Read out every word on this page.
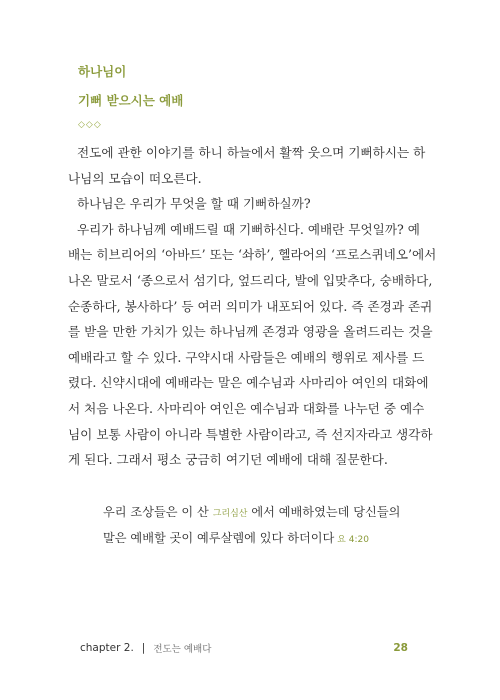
하나님이
기뻐 받으시는 예배
◇◇◇
전도에 관한 이야기를 하니 하늘에서 활짝 웃으며 기뻐하시는 하
나님의 모습이 떠오른다.
하나님은 우리가 무엇을 할 때 기뻐하실까?
우리가 하나님께 예배드릴 때 기뻐하신다. 예배란 무엇일까? 예
배는 히브리어의 ‘아바드’ 또는 ‘솨하’, 헬라어의 ‘프로스퀴네오’에서
나온 말로서 ‘종으로서 섬기다, 엎드리다, 발에 입맞추다, 숭배하다,
순종하다, 봉사하다’ 등 여러 의미가 내포되어 있다. 즉 존경과 존귀
를 받을 만한 가치가 있는 하나님께 존경과 영광을 올려드리는 것을
예배라고 할 수 있다. 구약시대 사람들은 예배의 행위로 제사를 드
렸다. 신약시대에 예배라는 말은 예수님과 사마리아 여인의 대화에
서 처음 나온다. 사마리아 여인은 예수님과 대화를 나누던 중 예수
님이 보통 사람이 아니라 특별한 사람이라고, 즉 선지자라고 생각하
게 된다. 그래서 평소 궁금히 여기던 예배에 대해 질문한다.
우리 조상들은 이 산 그리심산 에서 예배하였는데 당신들의
말은 예배할 곳이 예루살렘에 있다 하더이다 요 4:20
chapter 2. | 전도는 예배다	28
